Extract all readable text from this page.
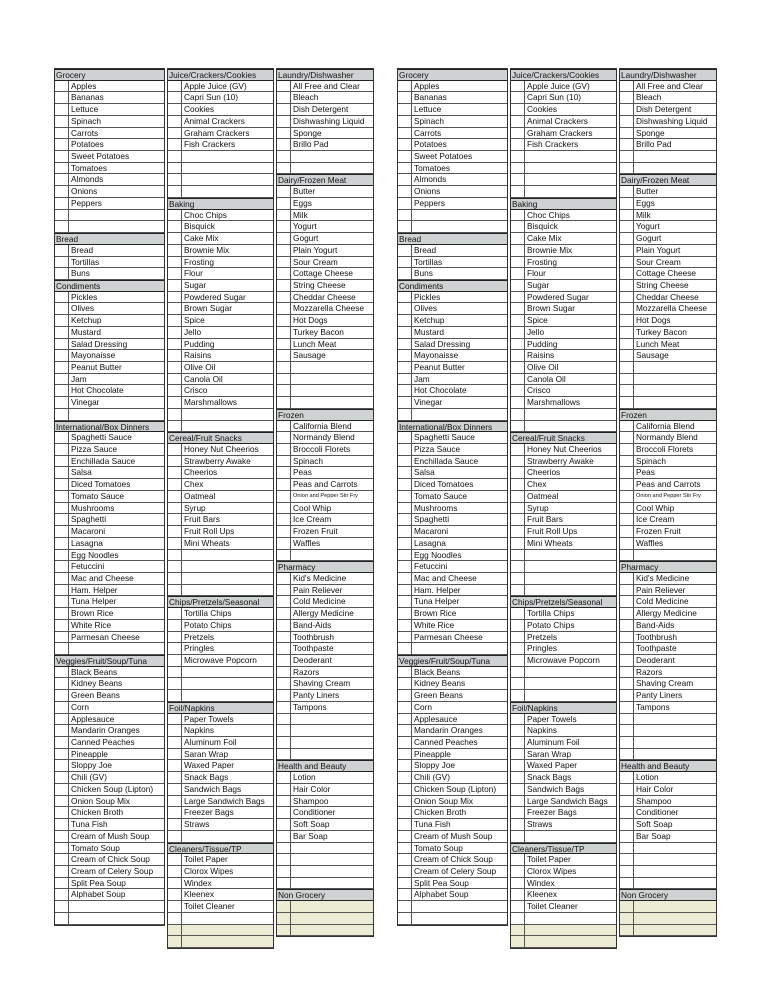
Grocery
Apples
Bananas
Lettuce
Spinach
Carrots
Potatoes
Sweet Potatoes
Tomatoes
Almonds
Onions
Peppers
Bread
Bread
Tortillas
Buns
Condiments
Pickles
Olives
Ketchup
Mustard
Salad Dressing
Mayonaisse
Peanut Butter
Jam
Hot Chocolate
Vinegar
International/Box Dinners
Spaghetti Sauce
Pizza Sauce
Enchillada Sauce
Salsa
Diced Tomatoes
Tomato Sauce
Mushrooms
Spaghetti
Macaroni
Lasagna
Egg Noodles
Fetuccini
Mac and Cheese
Ham. Helper
Tuna Helper
Brown Rice
White Rice
Parmesan Cheese
Veggies/Fruit/Soup/Tuna
Black Beans
Kidney Beans
Green Beans
Corn
Applesauce
Mandarin Oranges
Canned Peaches
Pineapple
Sloppy Joe
Chili (GV)
Chicken Soup (Lipton)
Onion Soup Mix
Chicken Broth
Tuna Fish
Cream of Mush Soup
Tomato Soup
Cream of Chick Soup
Cream of Celery Soup
Split Pea Soup
Alphabet Soup
Juice/Crackers/Cookies
Apple Juice (GV)
Capri Sun (10)
Cookies
Animal Crackers
Graham Crackers
Fish Crackers
Baking
Choc Chips
Bisquick
Cake Mix
Brownie Mix
Frosting
Flour
Sugar
Powdered Sugar
Brown Sugar
Spice
Jello
Pudding
Raisins
Olive Oil
Canola Oil
Crisco
Marshmallows
Cereal/Fruit Snacks
Honey Nut Cheerios
Strawberry Awake
Cheerios
Chex
Oatmeal
Syrup
Fruit Bars
Fruit Roll Ups
Mini Wheats
Chips/Pretzels/Seasonal
Tortilla Chips
Potato Chips
Pretzels
Pringles
Microwave Popcorn
Foil/Napkins
Paper Towels
Napkins
Aluminum Foil
Saran Wrap
Waxed Paper
Snack Bags
Sandwich Bags
Large Sandwich Bags
Freezer Bags
Straws
Cleaners/Tissue/TP
Toilet Paper
Clorox Wipes
Windex
Kleenex
Toilet Cleaner
Laundry/Dishwasher
All Free and Clear
Bleach
Dish Detergent
Dishwashing Liquid
Sponge
Brillo Pad
Dairy/Frozen Meat
Butter
Eggs
Milk
Yogurt
Gogurt
Plain Yogurt
Sour Cream
Cottage Cheese
String Cheese
Cheddar Cheese
Mozzarella Cheese
Hot Dogs
Turkey Bacon
Lunch Meat
Sausage
Frozen
California Blend
Normandy Blend
Broccoli Florets
Spinach
Peas
Peas and Carrots
Onion and Pepper Stir Fry
Cool Whip
Ice Cream
Frozen Fruit
Waffles
Pharmacy
Kid's Medicine
Pain Reliever
Cold Medicine
Allergy Medicine
Band-Aids
Toothbrush
Toothpaste
Deoderant
Razors
Shaving Cream
Panty Liners
Tampons
Health and Beauty
Lotion
Hair Color
Shampoo
Conditioner
Soft Soap
Bar Soap
Non Grocery
Grocery
Apples
Bananas
Lettuce
Spinach
Carrots
Potatoes
Sweet Potatoes
Tomatoes
Almonds
Onions
Peppers
Bread
Bread
Tortillas
Buns
Condiments
Pickles
Olives
Ketchup
Mustard
Salad Dressing
Mayonaisse
Peanut Butter
Jam
Hot Chocolate
Vinegar
International/Box Dinners
Spaghetti Sauce
Pizza Sauce
Enchillada Sauce
Salsa
Diced Tomatoes
Tomato Sauce
Mushrooms
Spaghetti
Macaroni
Lasagna
Egg Noodles
Fetuccini
Mac and Cheese
Ham. Helper
Tuna Helper
Brown Rice
White Rice
Parmesan Cheese
Veggies/Fruit/Soup/Tuna
Black Beans
Kidney Beans
Green Beans
Corn
Applesauce
Mandarin Oranges
Canned Peaches
Pineapple
Sloppy Joe
Chili (GV)
Chicken Soup (Lipton)
Onion Soup Mix
Chicken Broth
Tuna Fish
Cream of Mush Soup
Tomato Soup
Cream of Chick Soup
Cream of Celery Soup
Split Pea Soup
Alphabet Soup
Juice/Crackers/Cookies
Apple Juice (GV)
Capri Sun (10)
Cookies
Animal Crackers
Graham Crackers
Fish Crackers
Baking
Choc Chips
Bisquick
Cake Mix
Brownie Mix
Frosting
Flour
Sugar
Powdered Sugar
Brown Sugar
Spice
Jello
Pudding
Raisins
Olive Oil
Canola Oil
Crisco
Marshmallows
Cereal/Fruit Snacks
Honey Nut Cheerios
Strawberry Awake
Cheerios
Chex
Oatmeal
Syrup
Fruit Bars
Fruit Roll Ups
Mini Wheats
Chips/Pretzels/Seasonal
Tortilla Chips
Potato Chips
Pretzels
Pringles
Microwave Popcorn
Foil/Napkins
Paper Towels
Napkins
Aluminum Foil
Saran Wrap
Waxed Paper
Snack Bags
Sandwich Bags
Large Sandwich Bags
Freezer Bags
Straws
Cleaners/Tissue/TP
Toilet Paper
Clorox Wipes
Windex
Kleenex
Toilet Cleaner
Laundry/Dishwasher
All Free and Clear
Bleach
Dish Detergent
Dishwashing Liquid
Sponge
Brillo Pad
Dairy/Frozen Meat
Butter
Eggs
Milk
Yogurt
Gogurt
Plain Yogurt
Sour Cream
Cottage Cheese
String Cheese
Cheddar Cheese
Mozzarella Cheese
Hot Dogs
Turkey Bacon
Lunch Meat
Sausage
Frozen
California Blend
Normandy Blend
Broccoli Florets
Spinach
Peas
Peas and Carrots
Onion and Pepper Stir Fry
Cool Whip
Ice Cream
Frozen Fruit
Waffles
Pharmacy
Kid's Medicine
Pain Reliever
Cold Medicine
Allergy Medicine
Band-Aids
Toothbrush
Toothpaste
Deoderant
Razors
Shaving Cream
Panty Liners
Tampons
Health and Beauty
Lotion
Hair Color
Shampoo
Conditioner
Soft Soap
Bar Soap
Non Grocery
